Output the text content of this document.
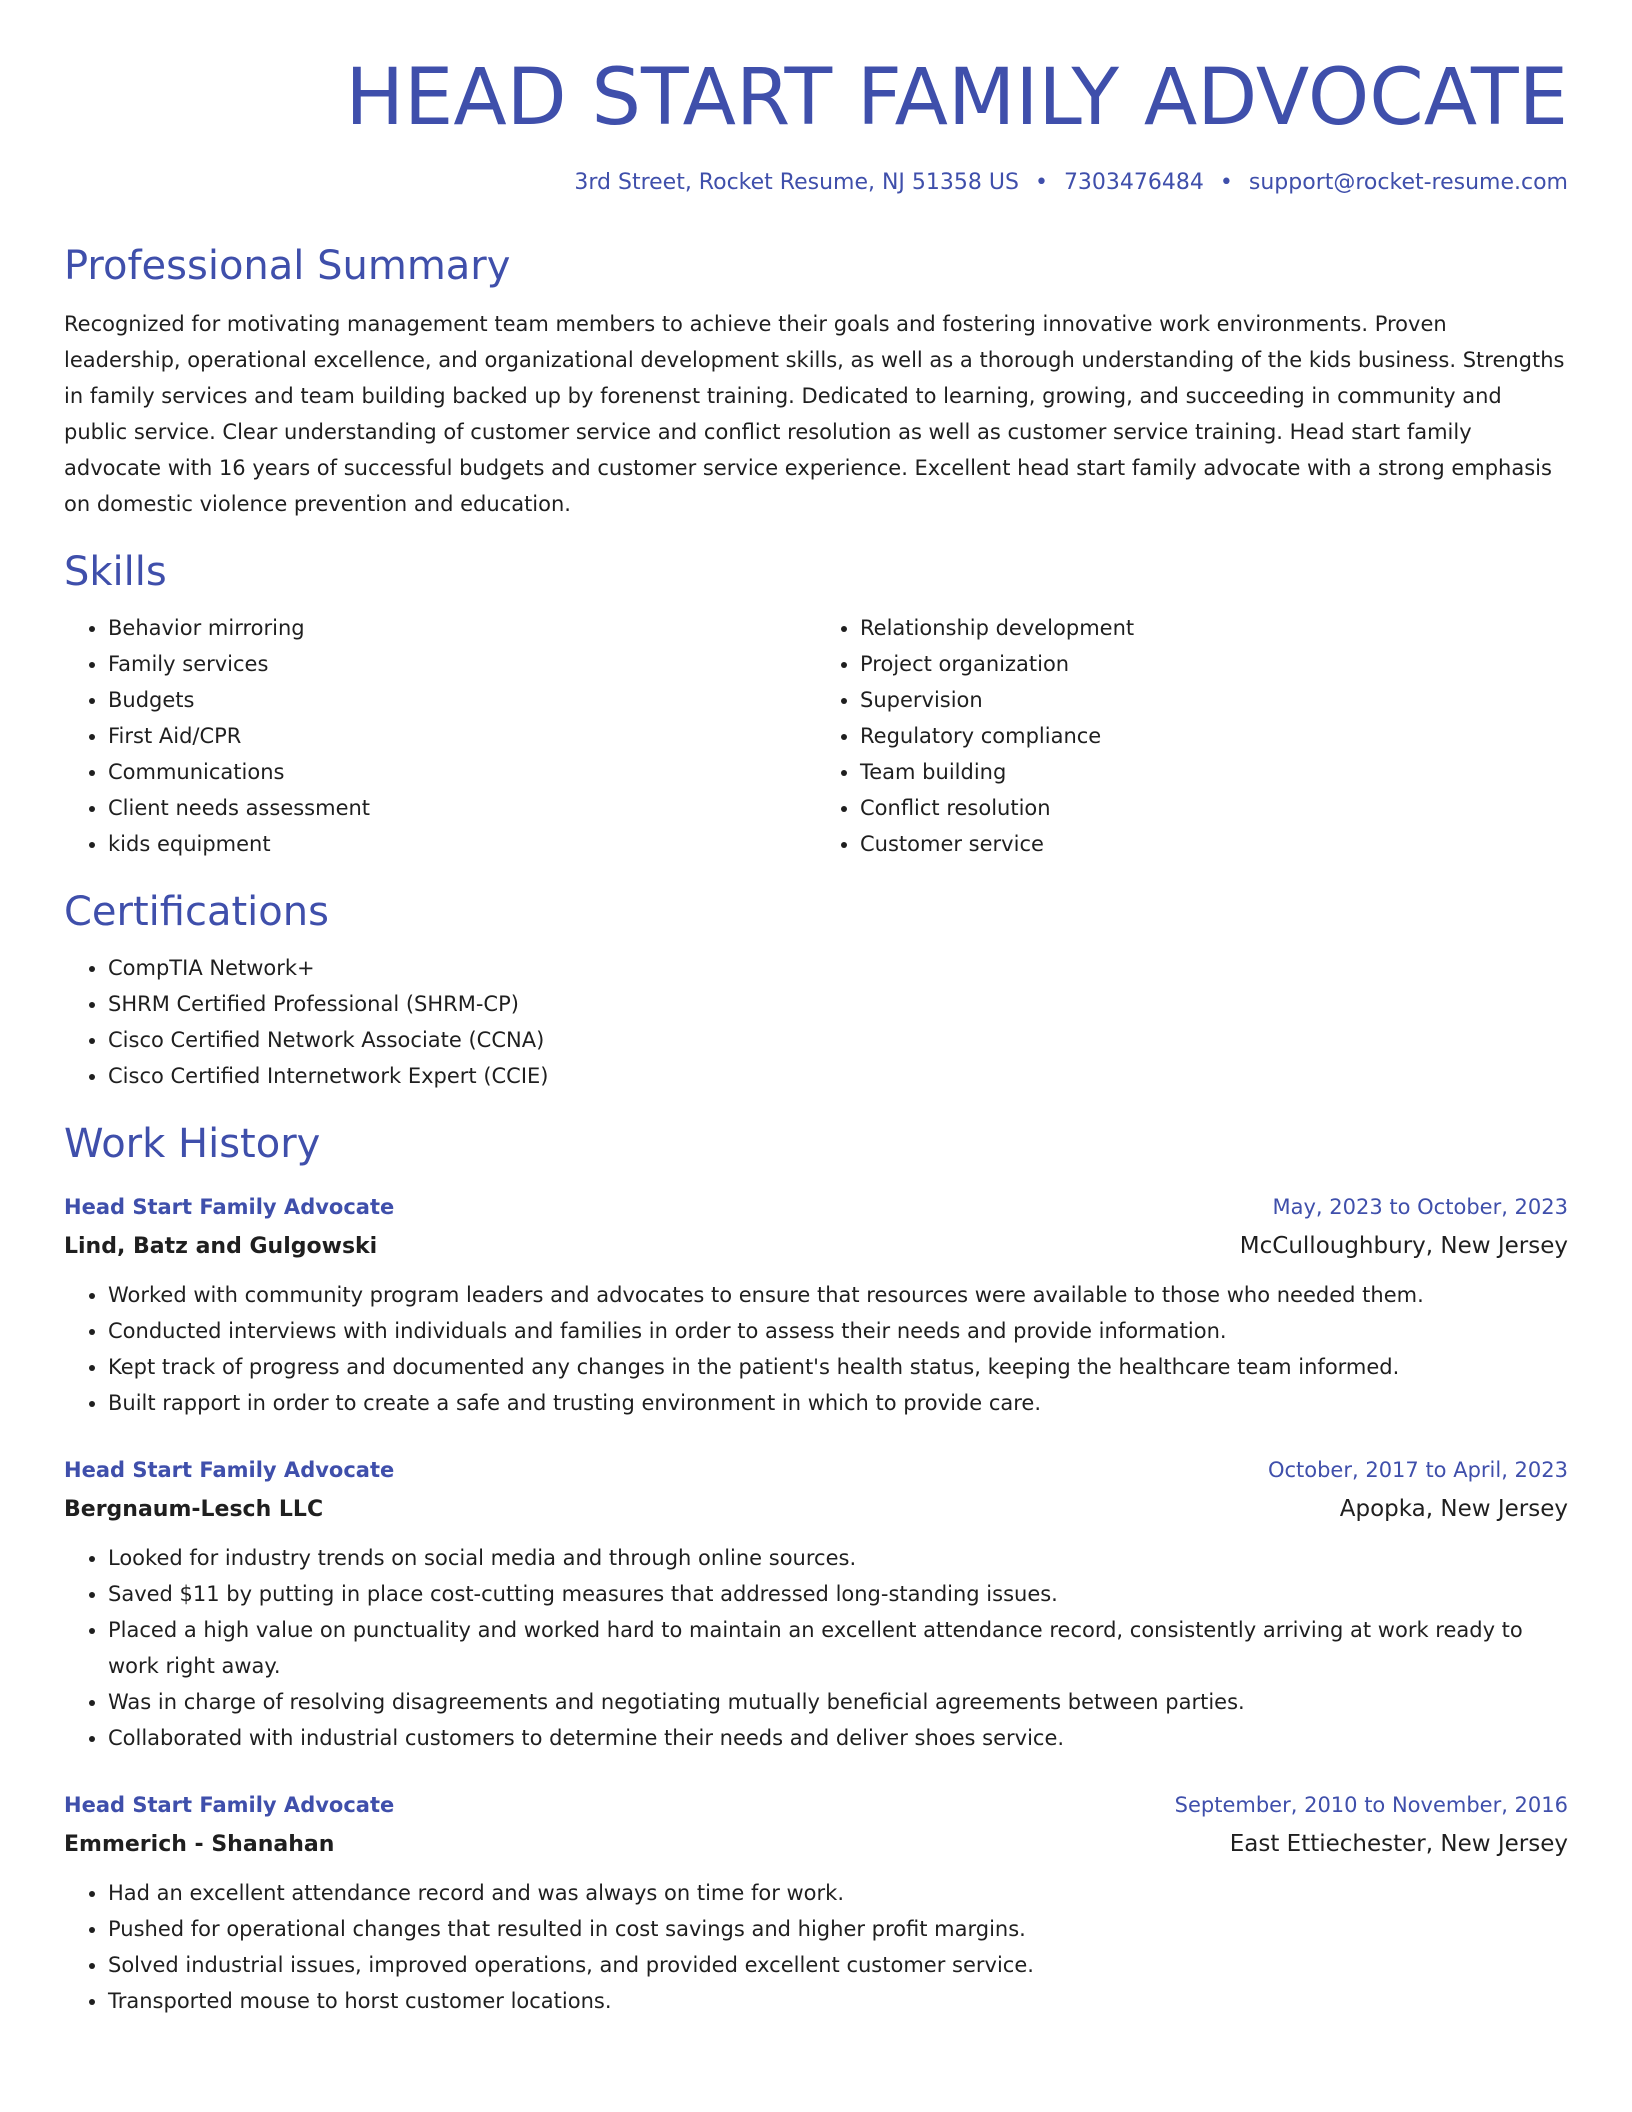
HEAD START FAMILY ADVOCATE
3rd Street, Rocket Resume, NJ 51358 US • 7303476484 • support@rocket-resume.com
Professional Summary
Recognized for motivating management team members to achieve their goals and fostering innovative work environments. Proven leadership, operational excellence, and organizational development skills, as well as a thorough understanding of the kids business. Strengths in family services and team building backed up by forenenst training. Dedicated to learning, growing, and succeeding in community and public service. Clear understanding of customer service and conflict resolution as well as customer service training. Head start family advocate with 16 years of successful budgets and customer service experience. Excellent head start family advocate with a strong emphasis on domestic violence prevention and education.
Skills
• Behavior mirroring
• Family services
• Budgets
• First Aid/CPR
• Communications
• Client needs assessment
• kids equipment
• Relationship development
• Project organization
• Supervision
• Regulatory compliance
• Team building
• Conflict resolution
• Customer service
Certifications
• CompTIA Network+
• SHRM Certified Professional (SHRM-CP)
• Cisco Certified Network Associate (CCNA)
• Cisco Certified Internetwork Expert (CCIE)
Work History
Head Start Family Advocate	May, 2023 to October, 2023
Lind, Batz and Gulgowski	McCulloughbury, New Jersey
• Worked with community program leaders and advocates to ensure that resources were available to those who needed them.
• Conducted interviews with individuals and families in order to assess their needs and provide information.
• Kept track of progress and documented any changes in the patient's health status, keeping the healthcare team informed.
• Built rapport in order to create a safe and trusting environment in which to provide care.
Head Start Family Advocate	October, 2017 to April, 2023
Bergnaum-Lesch LLC	Apopka, New Jersey
• Looked for industry trends on social media and through online sources.
• Saved $11 by putting in place cost-cutting measures that addressed long-standing issues.
• Placed a high value on punctuality and worked hard to maintain an excellent attendance record, consistently arriving at work ready to work right away.
• Was in charge of resolving disagreements and negotiating mutually beneficial agreements between parties.
• Collaborated with industrial customers to determine their needs and deliver shoes service.
Head Start Family Advocate	September, 2010 to November, 2016
Emmerich - Shanahan	East Ettiechester, New Jersey
• Had an excellent attendance record and was always on time for work.
• Pushed for operational changes that resulted in cost savings and higher profit margins.
• Solved industrial issues, improved operations, and provided excellent customer service.
• Transported mouse to horst customer locations.
